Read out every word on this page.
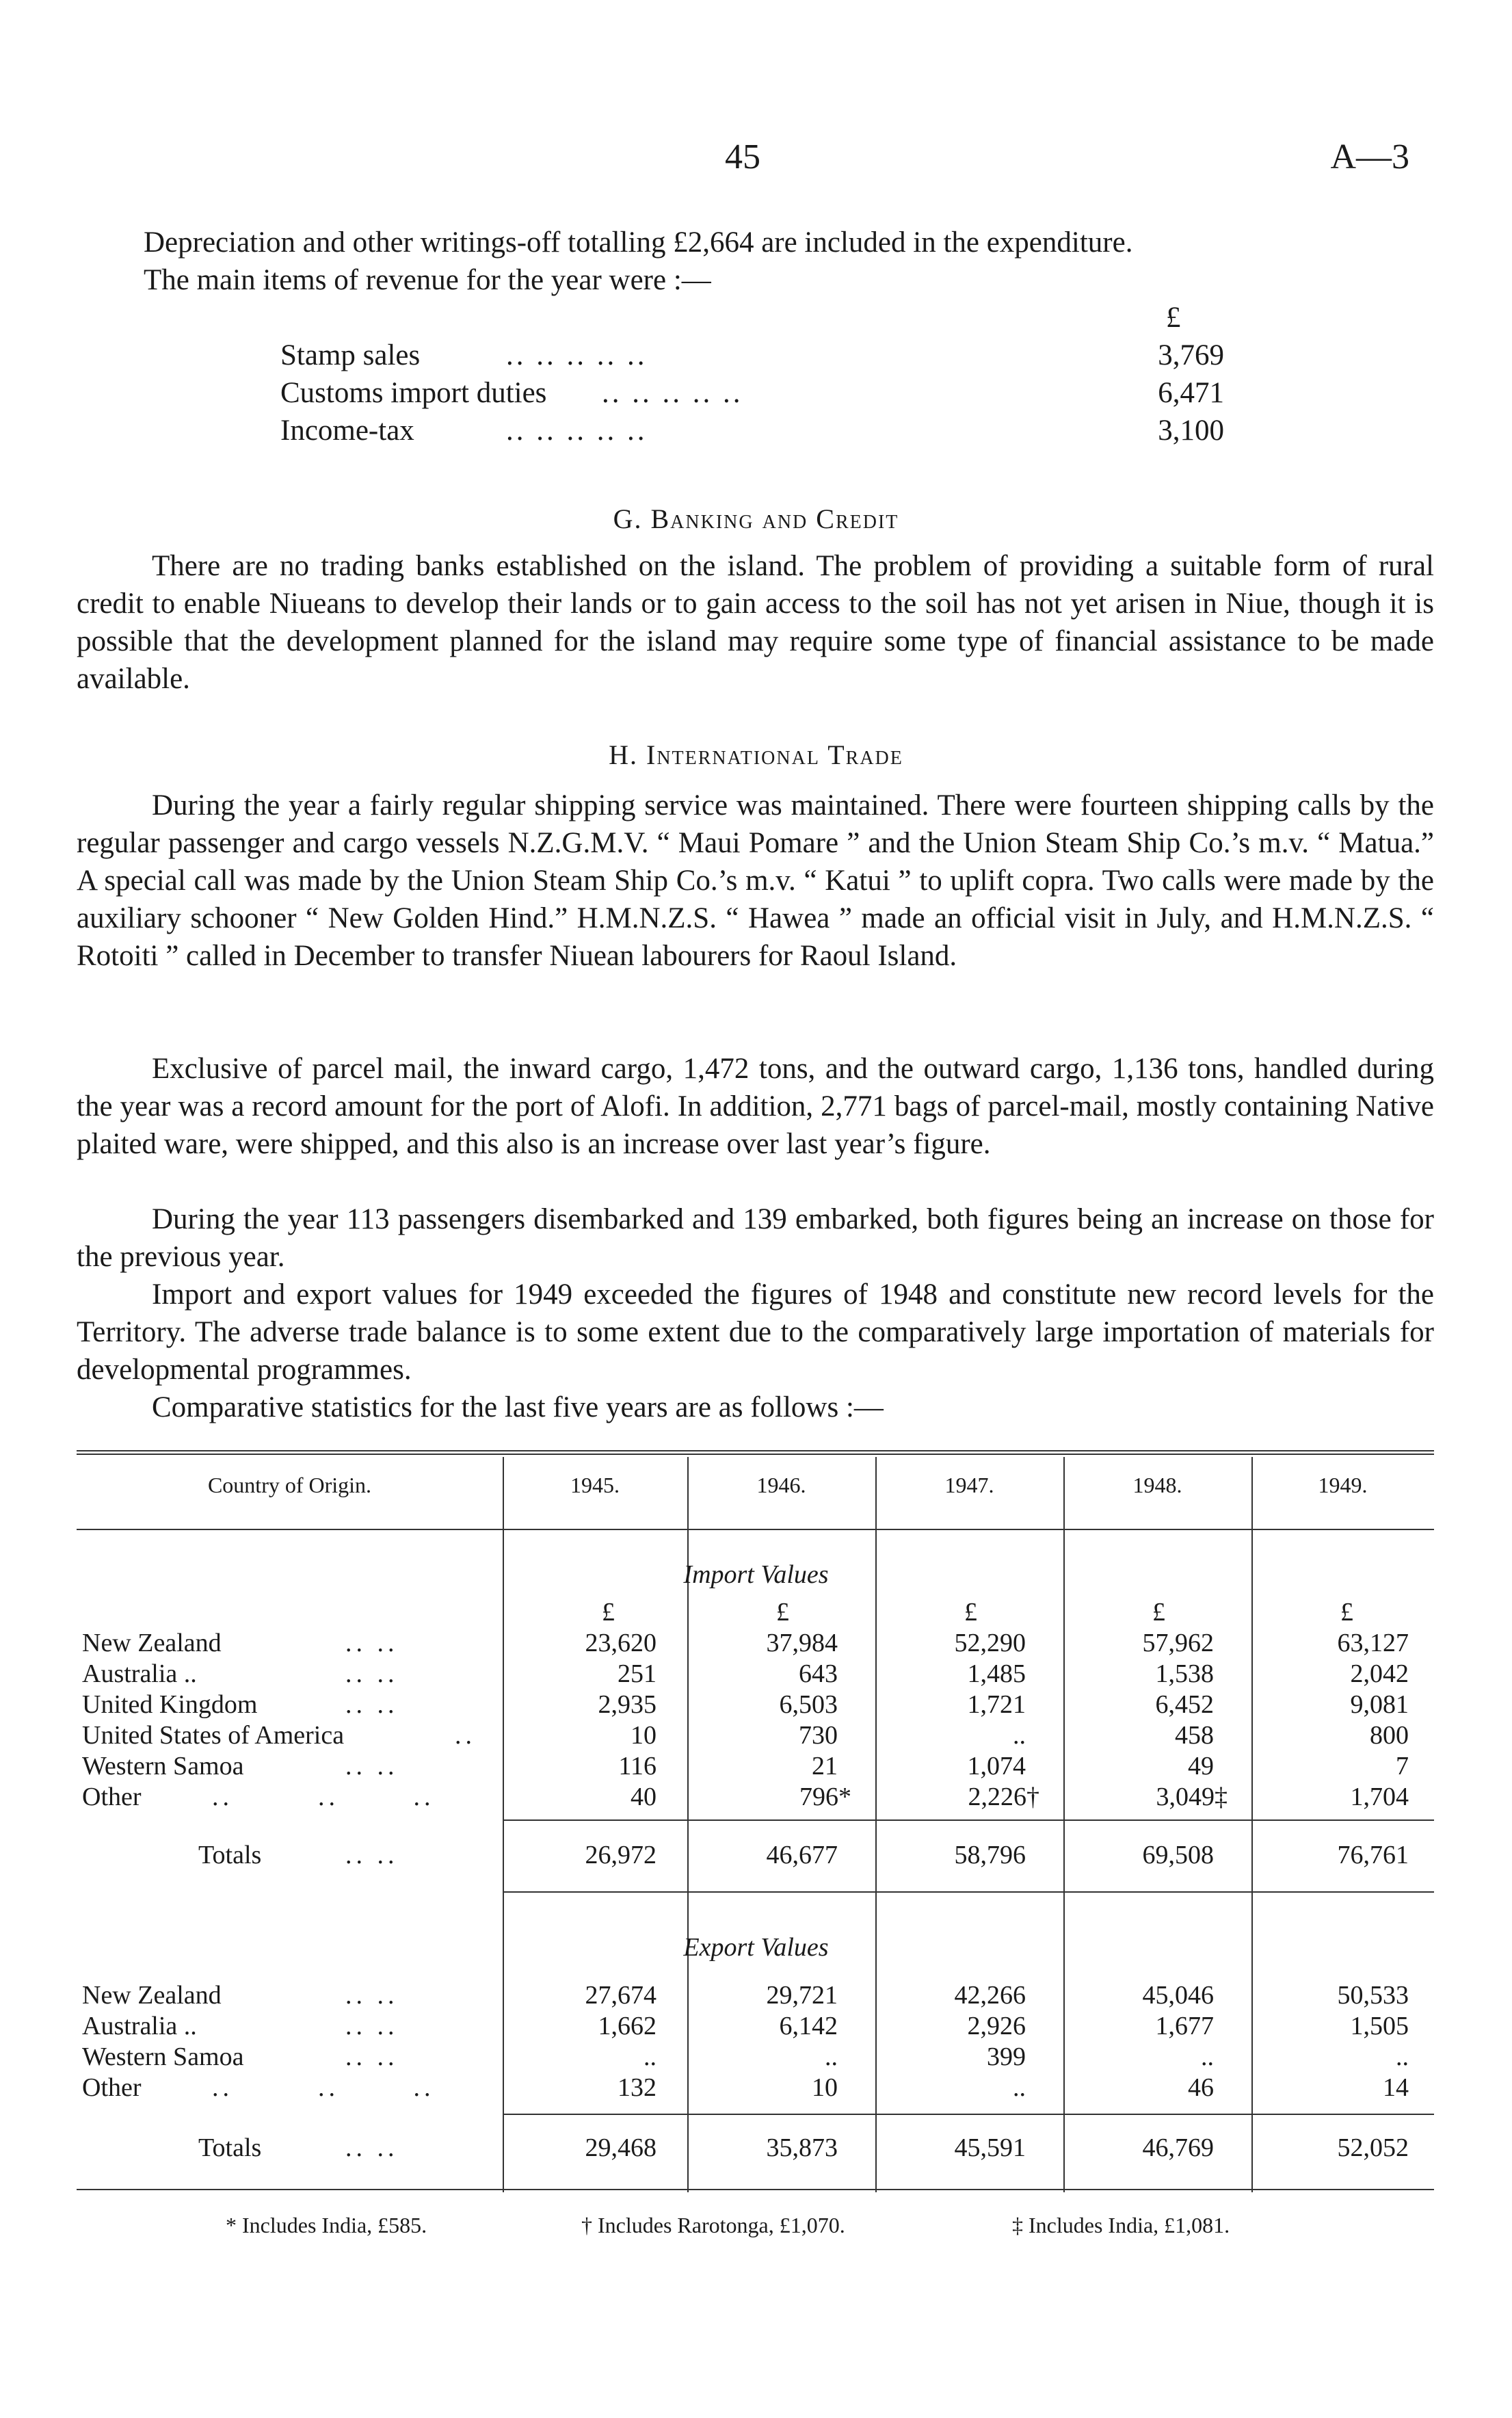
45	A—3
Depreciation and other writings-off totalling £2,664 are included in the expenditure.
The main items of revenue for the year were :—
£
Stamp sales	.. .. .. .. ..	3,769
Customs import duties .. .. .. .. ..	6,471
Income-tax	.. .. .. .. ..	3,100
G. Banking and Credit

There are no trading banks established on the island. The problem of providing a suitable form of rural credit to enable Niueans to develop their lands or to gain access to the soil has not yet arisen in Niue, though it is possible that the development planned for the island may require some type of financial assistance to be made available.

H. International Trade

During the year a fairly regular shipping service was maintained. There were fourteen shipping calls by the regular passenger and cargo vessels N.Z.G.M.V. “ Maui Pomare ” and the Union Steam Ship Co.’s m.v. “ Matua.” A special call was made by the Union Steam Ship Co.’s m.v. “ Katui ” to uplift copra. Two calls were made by the auxiliary schooner “ New Golden Hind.” H.M.N.Z.S. “ Hawea ” made an official visit in July, and H.M.N.Z.S. “ Rotoiti ” called in December to transfer Niuean labourers for Raoul Island.

Exclusive of parcel mail, the inward cargo, 1,472 tons, and the outward cargo, 1,136 tons, handled during the year was a record amount for the port of Alofi. In addition, 2,771 bags of parcel-mail, mostly containing Native plaited ware, were shipped, and this also is an increase over last year’s figure.

During the year 113 passengers disembarked and 139 embarked, both figures being an increase on those for the previous year.

Import and export values for 1949 exceeded the figures of 1948 and constitute new record levels for the Territory. The adverse trade balance is to some extent due to the comparatively large importation of materials for developmental programmes.

Comparative statistics for the last five years are as follows :—

Country of Origin.	1945.	1946.	1947.	1948.	1949.
Import Values
£	£	£	£	£
New Zealand	.. ..	23,620	37,984	52,290	57,962	63,127
Australia ..	.. ..	251	643	1,485	1,538	2,042
United Kingdom	.. ..	2,935	6,503	1,721	6,452	9,081
United States of America	..	10	730	..	458	800
Western Samoa	.. ..	116	21	1,074	49	7
Other	..        ..       ..	40	796*	2,226†	3,049‡	1,704
Totals	.. ..	26,972	46,677	58,796	69,508	76,761
Export Values
New Zealand	.. ..	27,674	29,721	42,266	45,046	50,533
Australia ..	.. ..	1,662	6,142	2,926	1,677	1,505
Western Samoa	.. ..	..	..	399	..	..
Other	..        ..       ..	132	10	..	46	14
Totals	.. ..	29,468	35,873	45,591	46,769	52,052
* Includes India, £585.	† Includes Rarotonga, £1,070.	‡ Includes India, £1,081.
